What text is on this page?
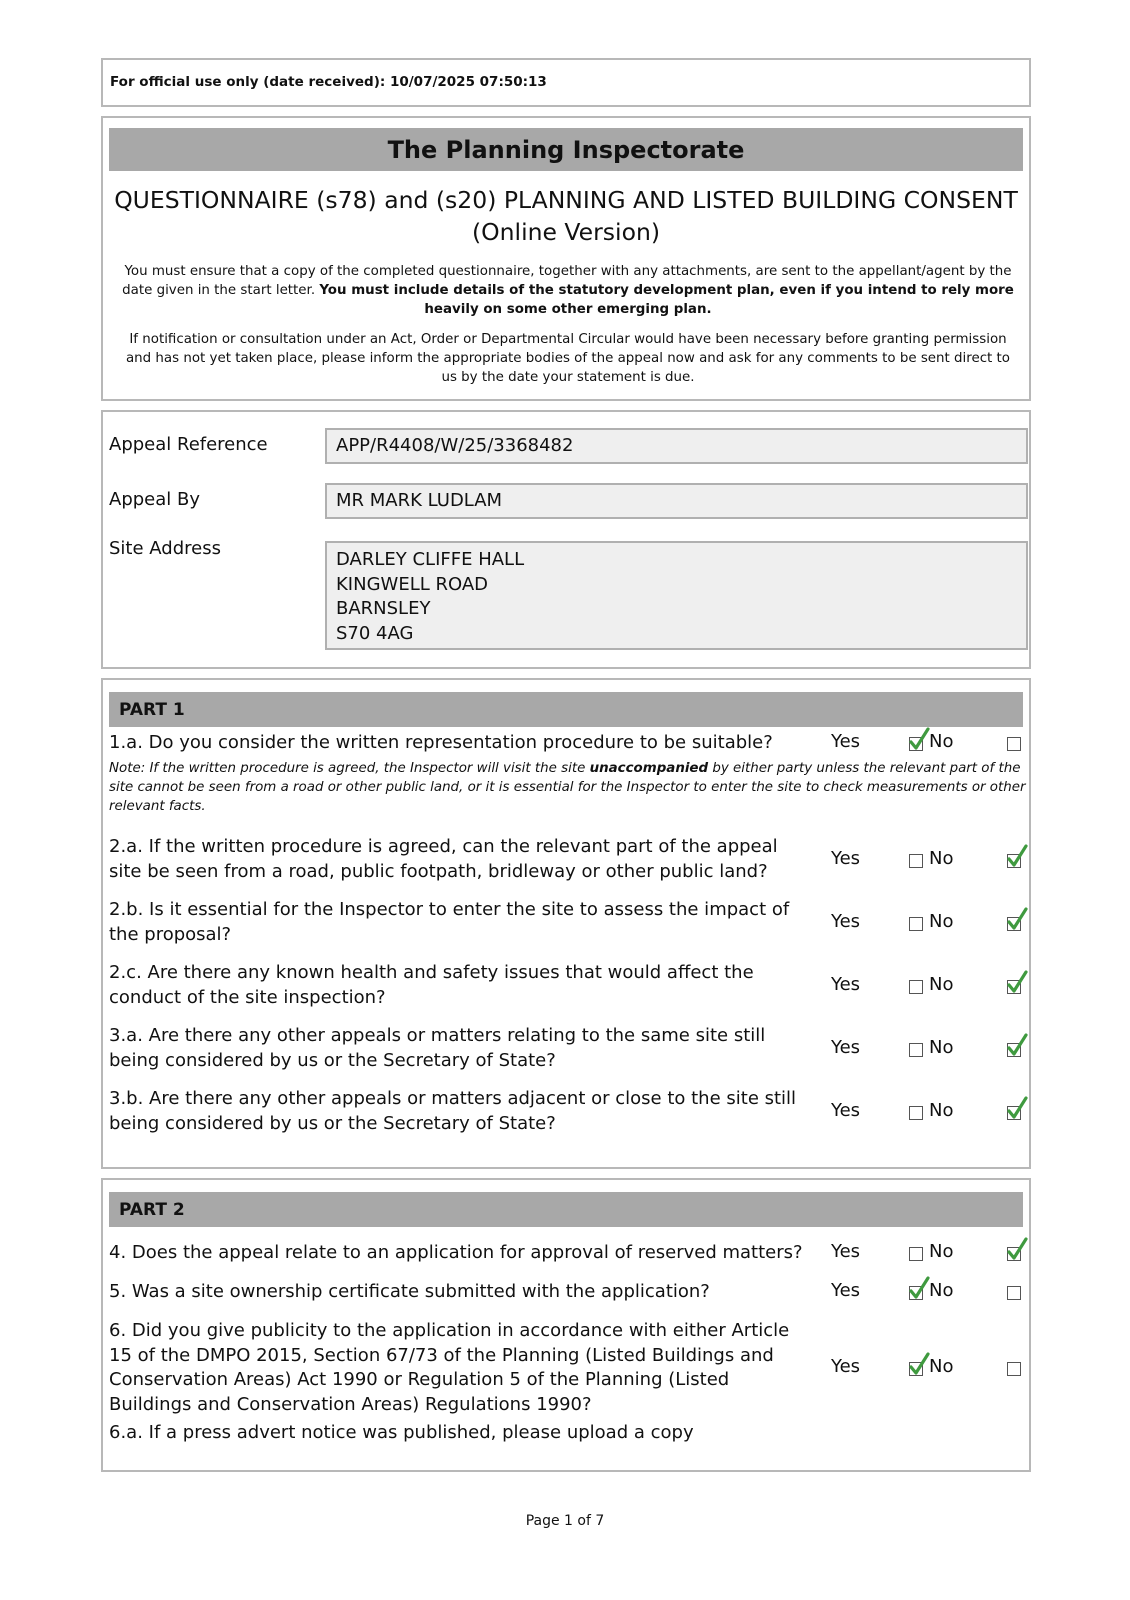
For official use only (date received): 10/07/2025 07:50:13
The Planning Inspectorate
QUESTIONNAIRE (s78) and (s20) PLANNING AND LISTED BUILDING CONSENT
(Online Version)
You must ensure that a copy of the completed questionnaire, together with any attachments, are sent to the appellant/agent by the date given in the start letter. You must include details of the statutory development plan, even if you intend to rely more heavily on some other emerging plan.
If notification or consultation under an Act, Order or Departmental Circular would have been necessary before granting permission and has not yet taken place, please inform the appropriate bodies of the appeal now and ask for any comments to be sent direct to us by the date your statement is due.
Appeal Reference	APP/R4408/W/25/3368482
Appeal By	MR MARK LUDLAM
Site Address
DARLEY CLIFFE HALL
KINGWELL ROAD
BARNSLEY
S70 4AG
PART 1
1.a. Do you consider the written representation procedure to be suitable?	Yes	No
Note: If the written procedure is agreed, the Inspector will visit the site unaccompanied by either party unless the relevant part of the site cannot be seen from a road or other public land, or it is essential for the Inspector to enter the site to check measurements or other relevant facts.
2.a. If the written procedure is agreed, can the relevant part of the appeal site be seen from a road, public footpath, bridleway or other public land?
Yes	No
2.b. Is it essential for the Inspector to enter the site to assess the impact of the proposal?
Yes	No
2.c. Are there any known health and safety issues that would affect the conduct of the site inspection?
Yes	No
3.a. Are there any other appeals or matters relating to the same site still being considered by us or the Secretary of State?
Yes	No
3.b. Are there any other appeals or matters adjacent or close to the site still being considered by us or the Secretary of State?
Yes	No
PART 2
4. Does the appeal relate to an application for approval of reserved matters?	Yes	No
5. Was a site ownership certificate submitted with the application?	Yes	No
6. Did you give publicity to the application in accordance with either Article 15 of the DMPO 2015, Section 67/73 of the Planning (Listed Buildings and Conservation Areas) Act 1990 or Regulation 5 of the Planning (Listed Buildings and Conservation Areas) Regulations 1990?
Yes	No
6.a. If a press advert notice was published, please upload a copy
Page 1 of 7
